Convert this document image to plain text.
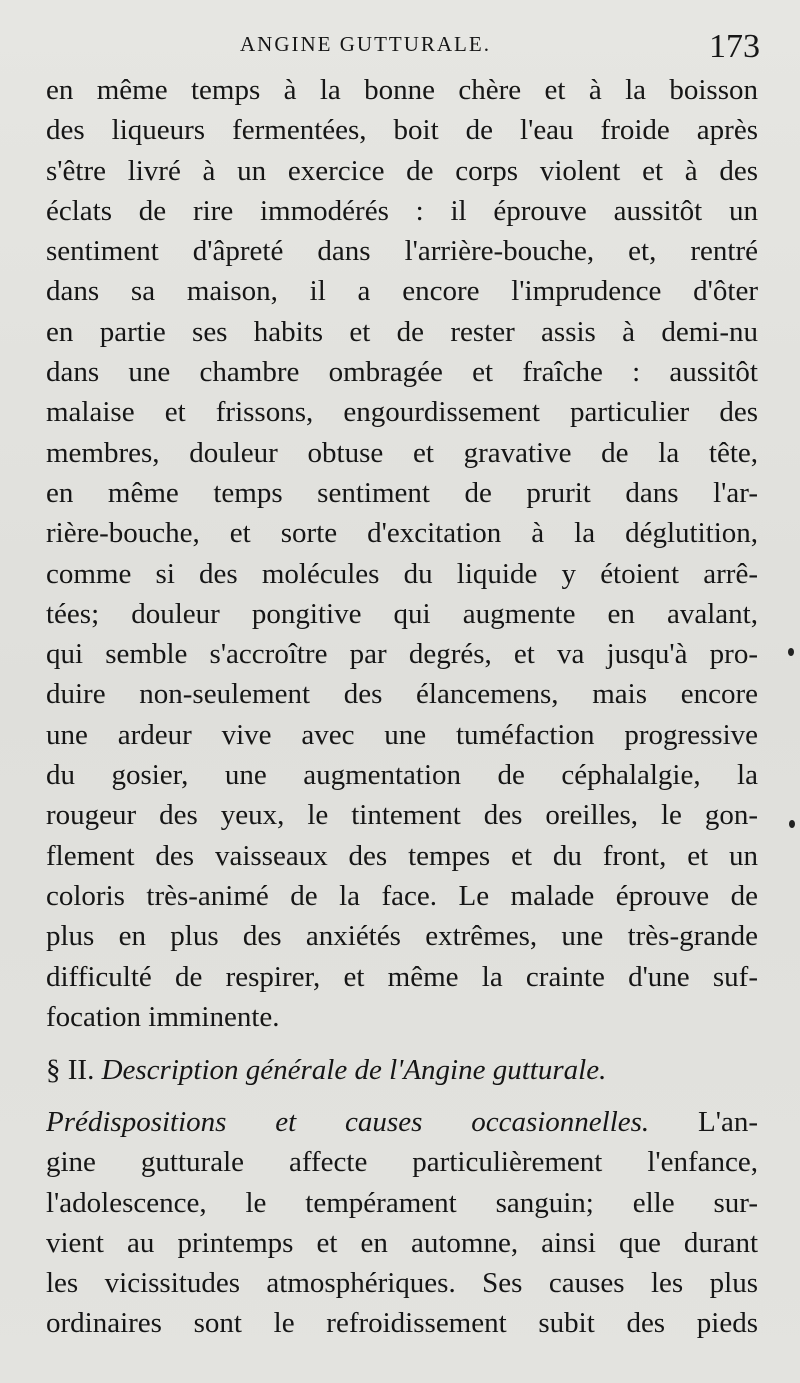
ANGINE GUTTURALE.	173
en même temps à la bonne chère et à la boisson
des liqueurs fermentées, boit de l'eau froide après
s'être livré à un exercice de corps violent et à des
éclats de rire immodérés : il éprouve aussitôt un
sentiment d'âpreté dans l'arrière-bouche, et, rentré
dans sa maison, il a encore l'imprudence d'ôter
en partie ses habits et de rester assis à demi-nu
dans une chambre ombragée et fraîche : aussitôt
malaise et frissons, engourdissement particulier des
membres, douleur obtuse et gravative de la tête,
en même temps sentiment de prurit dans l'ar-
rière-bouche, et sorte d'excitation à la déglutition,
comme si des molécules du liquide y étoient arrê-
tées; douleur pongitive qui augmente en avalant,
qui semble s'accroître par degrés, et va jusqu'à pro-
duire non-seulement des élancemens, mais encore
une ardeur vive avec une tuméfaction progressive
du gosier, une augmentation de céphalalgie, la
rougeur des yeux, le tintement des oreilles, le gon-
flement des vaisseaux des tempes et du front, et un
coloris très-animé de la face. Le malade éprouve de
plus en plus des anxiétés extrêmes, une très-grande
difficulté de respirer, et même la crainte d'une suf-
focation imminente.
§ II. Description générale de l'Angine gutturale.
Prédispositions et causes occasionnelles. L'an-
gine gutturale affecte particulièrement l'enfance,
l'adolescence, le tempérament sanguin; elle sur-
vient au printemps et en automne, ainsi que durant
les vicissitudes atmosphériques. Ses causes les plus
ordinaires sont le refroidissement subit des pieds
